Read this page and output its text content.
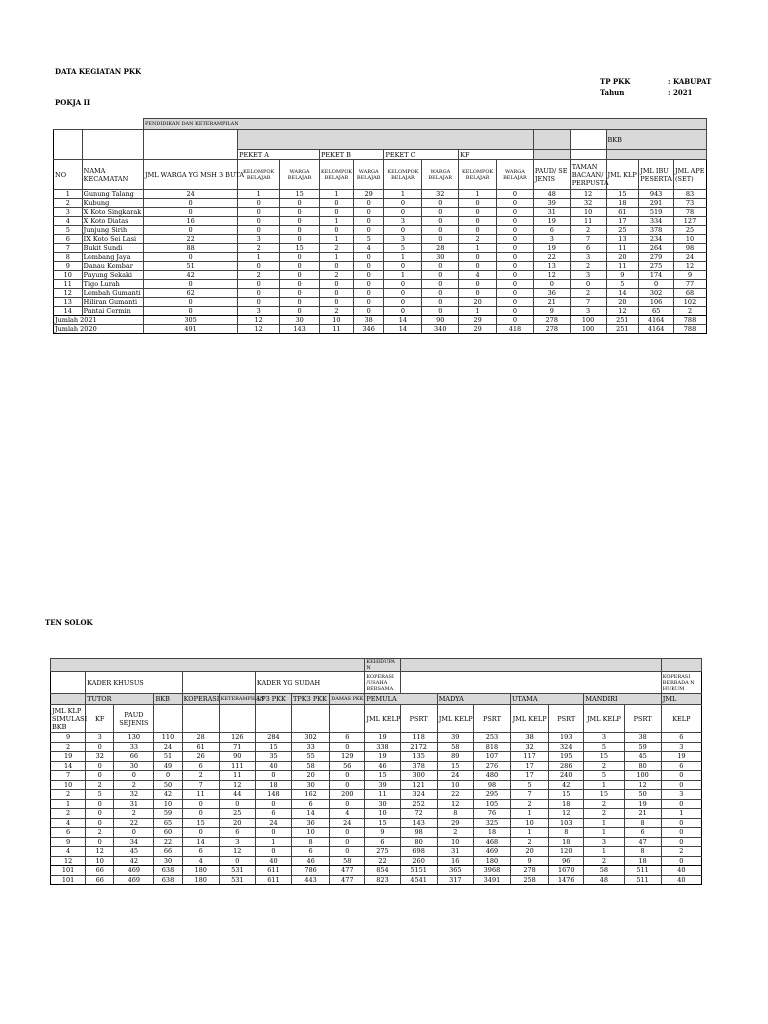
DATA KEGIATAN PKK
POKJA II
TP PKK	: KABUPAT
Tahun	: 2021
		PENDIDIKAN DAN KETERAMPILAN													
													BKB		
			PEKET A		PEKET B		PEKET C		KF						
NO	NAMA KECAMATAN	JML WARGA YG MSH 3 BUTA	KELOMPOK BELAJAR	WARGA BELAJAR	KELOMPOK BELAJAR	WARGA BELAJAR	KELOMPOK BELAJAR	WARGA BELAJAR	KELOMPOK BELAJAR	WARGA BELAJAR	PAUD/ SE JENIS	TAMAN BACAAN/ PERPUSTA	JML KLP	JML IBU PESERTA	JML APE (SET)
1	Gunung Talang	24	1	15	1	29	1	32	1	0	48	12	15	943	83
2	Kubung	0	0	0	0	0	0	0	0	0	39	32	18	291	73
3	X Koto Singkarak	0	0	0	0	0	0	0	0	0	31	10	61	519	78
4	X Koto Diatas	16	0	0	1	0	3	0	0	0	19	11	17	334	127
5	Junjung Sirih	0	0	0	0	0	0	0	0	0	6	2	25	378	25
6	IX Koto Sei Lasi	22	3	0	1	5	3	0	2	0	3	7	13	234	10
7	Bukit Sundi	88	2	15	2	4	5	28	1	0	19	6	11	264	98
8	Lembang Jaya	0	1	0	1	0	1	30	0	0	22	3	20	279	24
9	Danau Kembar	51	0	0	0	0	0	0	0	0	13	2	11	275	12
10	Payung Sekaki	42	2	0	2	0	1	0	4	0	12	3	9	174	9
11	Tigo Lurah	0	0	0	0	0	0	0	0	0	0	0	5	0	77
12	Lembah Gumanti	62	0	0	0	0	0	0	0	0	36	2	14	302	68
13	Hiliran Gumanti	0	0	0	0	0	0	0	20	0	21	7	20	106	102
14	Pantai Cermin	0	3	0	2	0	0	0	1	0	9	3	12	65	2
Jumlah 2021		305	12	30	10	38	14	90	29	0	278	100	251	4164	788
Jumlah 2020		491	12	143	11	346	14	340	29	418	278	100	251	4164	788
TEN SOLOK
									KEHIDUPA N								
	KADER KHUSUS					KADER YG SUDAH			KOPERASI /USAHA BERSAMA								KOPERASI BERBADA N HUKUM
	TUTOR		BKB	KOPERASI	KETERAMPILAN	LP3 PKK	TPK3 PKK	DAMAS PKK	PEMULA		MADYA		UTAMA		MANDIRI		JML
JML KLP SIMULASI BKB	KF	PAUD SEJENIS							JML KELP	PSRT	JML KELP	PSRT	JML KELP	PSRT	JML KELP	PSRT	KELP
9	3	130	110	28	126	284	302	6	19	118	39	253	38	193	3	38	6
2	0	33	24	61	71	15	33	0	338	2172	58	818	32	324	5	59	3
19	32	66	51	26	90	35	55	129	19	135	89	107	117	195	15	45	19
14	0	30	49	6	111	40	58	56	46	378	15	276	17	286	2	80	6
7	0	0	0	2	11	0	20	0	15	300	24	480	17	240	5	100	0
10	2	2	50	7	12	18	30	0	39	121	10	98	5	42	1	12	0
2	5	32	42	11	44	148	162	200	11	324	22	295	7	15	15	50	3
1	0	31	10	0	0	0	6	0	30	252	12	105	2	18	2	19	0
2	0	2	59	0	25	6	14	4	10	72	8	76	1	12	2	21	1
4	0	22	65	15	20	24	36	24	15	143	29	325	10	103	1	8	0
6	2	0	60	0	6	0	10	0	9	98	2	18	1	8	1	6	0
9	0	34	22	14	3	1	8	0	6	80	10	468	2	18	3	47	0
4	12	45	66	6	12	0	6	0	275	698	31	469	20	120	1	8	2
12	10	42	30	4	0	40	46	58	22	260	16	180	9	96	2	18	0
101	66	469	638	180	531	611	786	477	854	5151	365	3968	278	1670	58	511	40
101	66	469	638	180	531	611	443	477	823	4541	317	3491	258	1476	48	511	40
